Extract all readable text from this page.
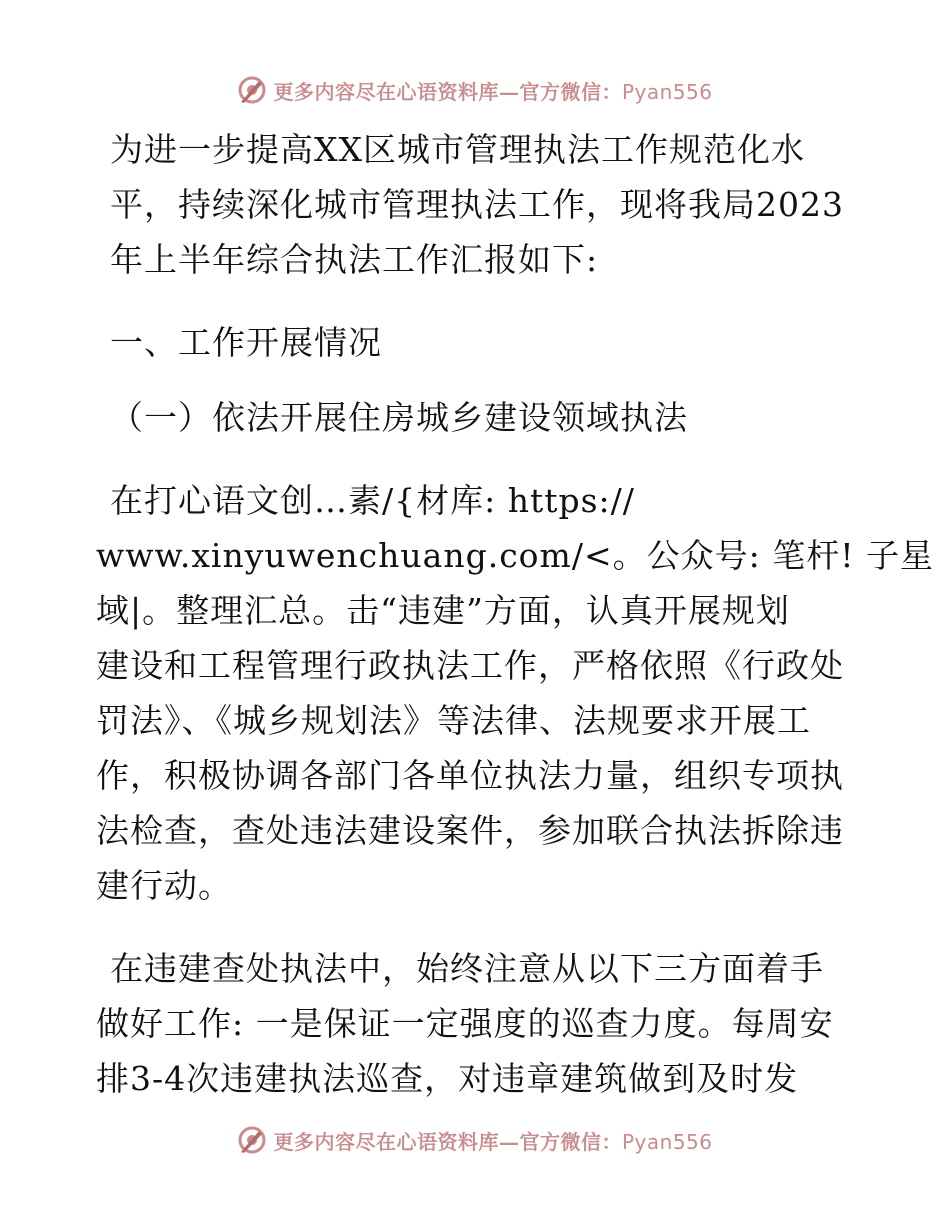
更多内容尽在心语资料库—官方微信：Pyan556

为进一步提高XX区城市管理执法工作规范化水
平，持续深化城市管理执法工作，现将我局2023
年上半年综合执法工作汇报如下:

一、工作开展情况

（一）依法开展住房城乡建设领域执法

在打心语文创…素/{材库: https://
www.xinyuwenchuang.com/<。公众号: 笔杆! 子星
域|。整理汇总。击“违建”方面，认真开展规划
建设和工程管理行政执法工作，严格依照《行政处
罚法》、《城乡规划法》等法律、法规要求开展工
作，积极协调各部门各单位执法力量，组织专项执
法检查，查处违法建设案件，参加联合执法拆除违
建行动。

在违建查处执法中，始终注意从以下三方面着手
做好工作: 一是保证一定强度的巡查力度。每周安
排3-4次违建执法巡查，对违章建筑做到及时发

更多内容尽在心语资料库—官方微信：Pyan556
